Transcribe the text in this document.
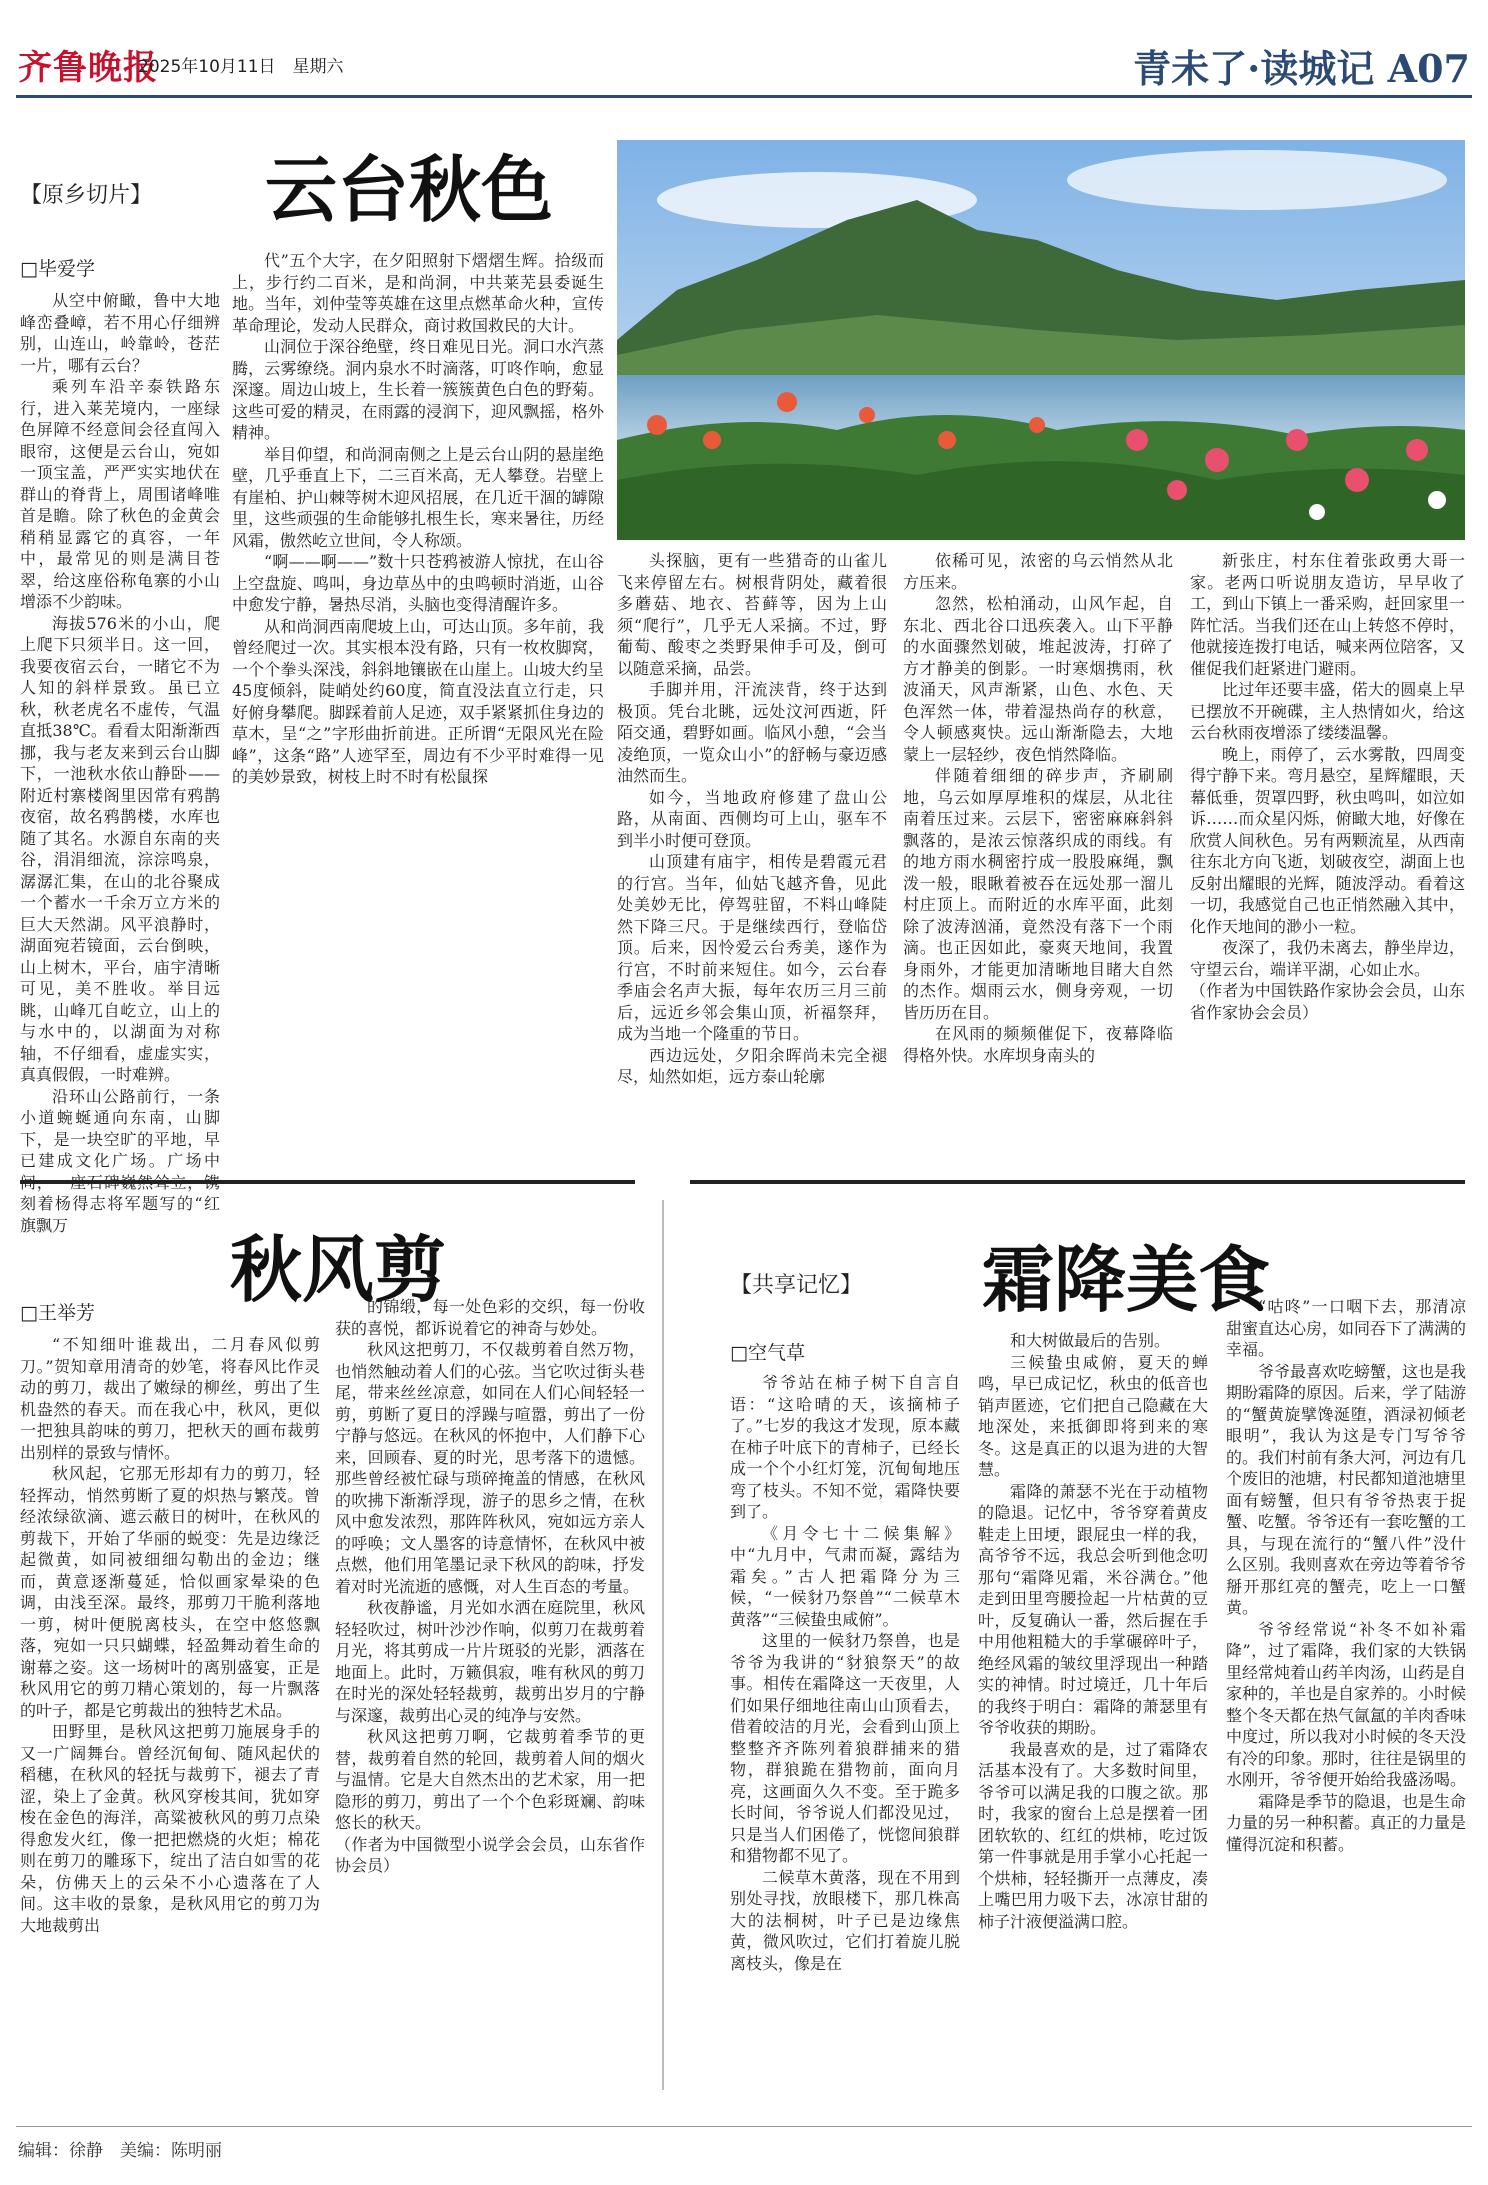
齐鲁晚报
2025年10月11日　星期六	青未了·读城记 A07
【原乡切片】 云台秋色
□毕爱学

从空中俯瞰，鲁中大地峰峦叠嶂，若不用心仔细辨别，山连山，岭靠岭，苍茫一片，哪有云台？

乘列车沿辛泰铁路东行，进入莱芜境内，一座绿色屏障不经意间会径直闯入眼帘，这便是云台山，宛如一顶宝盖，严严实实地伏在群山的脊背上，周围诸峰唯首是瞻。除了秋色的金黄会稍稍显露它的真容，一年中，最常见的则是满目苍翠，给这座俗称龟寨的小山增添不少韵味。

海拔576米的小山，爬上爬下只须半日。这一回，我要夜宿云台，一睹它不为人知的斜样景致。虽已立秋，秋老虎名不虚传，气温直抵38℃。看看太阳渐渐西挪，我与老友来到云台山脚下，一池秋水依山静卧——附近村寨楼阁里因常有鸦鹊夜宿，故名鸦鹊楼，水库也随了其名。水源自东南的夹谷，涓涓细流，淙淙鸣泉，潺潺汇集，在山的北谷聚成一个蓄水一千余万立方米的巨大天然湖。风平浪静时，湖面宛若镜面，云台倒映，山上树木，平台，庙宇清晰可见，美不胜收。举目远眺，山峰兀自屹立，山上的与水中的，以湖面为对称轴，不仔细看，虚虚实实，真真假假，一时难辨。

沿环山公路前行，一条小道蜿蜒通向东南，山脚下，是一块空旷的平地，早已建成文化广场。广场中 刻着杨得志将军题写的“红旗飘万

代”五个大字，在夕阳照射下熠熠生辉。拾级而上，步行约二百米，是和尚洞，中共莱芜县委诞生地。当年，刘仲莹等英雄在这里点燃革命火种，宣传革命理论，发动人民群众，商讨救国救民的大计。

山洞位于深谷绝壁，终日难见日光。洞口水汽蒸腾，云雾缭绕。洞内泉水不时滴落，叮咚作响，愈显深邃。周边山坡上，生长着一簇簇黄色白色的野菊。这些可爱的精灵，在雨露的浸润下，迎风飘摇，格外精神。

举目仰望，和尚洞南侧之上是云台山阴的悬崖绝壁，几乎垂直上下，二三百米高，无人攀登。岩壁上有崖柏、护山棘等树木迎风招展，在几近干涸的罅隙里，这些顽强的生命能够扎根生长，寒来暑往，历经风霜，傲然屹立世间，令人称颂。

“啊——啊——”数十只苍鸦被游人惊扰，在山谷上空盘旋、鸣叫，身边草丛中的虫鸣顿时消逝，山谷中愈发宁静，暑热尽消，头脑也变得清醒许多。

从和尚洞西南爬坡上山，可达山顶。多年前，我曾经爬过一次。其实根本没有路，只有一枚枚脚窝，一个个拳头深浅，斜斜地镶嵌在山崖上。山坡大约呈45度倾斜，陡峭处约60度，简直没法直立行走，只好俯身攀爬。脚踩着前人足迹，双手紧紧抓住身边的草木，呈“之”字形曲折前进。正所谓“无限风光在险峰”，这条“路”人迹罕至，周边有不少平时难得一见的美妙景致，树枝上时不时有松鼠探

头探脑，更有一些猎奇的山雀儿飞来停留左右。树根背阴处，藏着很多蘑菇、地衣、苔藓等，因为上山须“爬行”，几乎无人采摘。不过，野葡萄、酸枣之类野果伸手可及，倒可以随意采摘，品尝。

手脚并用，汗流浃背，终于达到极顶。凭台北眺，远处汶河西逝，阡陌交通，碧野如画。临风小憩，“会当凌绝顶，一览众山小”的舒畅与豪迈感油然而生。

如今，当地政府修建了盘山公路，从南面、西侧均可上山，驱车不到半小时便可登顶。

山顶建有庙宇，相传是碧霞元君的行宫。当年，仙姑飞越齐鲁，见此处美妙无比，停驾驻留，不料山峰陡然下降三尺。于是继续西行，登临岱顶。后来，因怜爱云台秀美，遂作为行宫，不时前来短住。如今，云台春季庙会名声大振，每年农历三月三前后，远近乡邻会集山顶，祈福祭拜，成为当地一个隆重的节日。

西边远处，夕阳余晖尚未完全褪尽，灿然如炬，远方泰山轮廓

依稀可见，浓密的乌云悄然从北方压来。

忽然，松柏涌动，山风乍起，自东北、西北谷口迅疾袭入。山下平静的水面骤然划破，堆起波涛，打碎了方才静美的倒影。一时寒烟携雨，秋波涌天，风声渐紧，山色、水色、天色浑然一体，带着湿热尚存的秋意，令人顿感爽快。远山渐渐隐去，大地蒙上一层轻纱，夜色悄然降临。

伴随着细细的碎步声，齐刷刷地，乌云如厚厚堆积的煤层，从北往南着压过来。云层下，密密麻麻斜斜飘落的，是浓云惊落织成的雨线。有的地方雨水稠密拧成一股股麻绳，飘泼一般，眼瞅着被吞在远处那一溜儿村庄顶上。而附近的水库平面，此刻除了波涛汹涌，竟然没有落下一个雨滴。也正因如此，豪爽天地间，我置身雨外，才能更加清晰地目睹大自然的杰作。烟雨云水，侧身旁观，一切皆历历在目。

在风雨的频频催促下，夜幕降临得格外快。水库坝身南头的

新张庄，村东住着张政勇大哥一家。老两口听说朋友造访，早早收了工，到山下镇上一番采购，赶回家里一阵忙活。当我们还在山上转悠不停时，他就接连拨打电话，喊来两位陪客，又催促我们赶紧进门避雨。

比过年还要丰盛，偌大的圆桌上早已摆放不开碗碟，主人热情如火，给这云台秋雨夜增添了缕缕温馨。

晚上，雨停了，云水雾散，四周变得宁静下来。弯月悬空，星辉耀眼，天幕低垂，贺罩四野，秋虫鸣叫，如泣如诉……而众星闪烁，俯瞰大地，好像在欣赏人间秋色。另有两颗流星，从西南往东北方向飞逝，划破夜空，湖面上也反射出耀眼的光辉，随波浮动。看着这一切，我感觉自己也正悄然融入其中，化作天地间的渺小一粒。

夜深了，我仍未离去，静坐岸边，守望云台，端详平湖，心如止水。

（作者为中国铁路作家协会会员，山东省作家协会会员）

秋风剪
□王举芳

“不知细叶谁裁出，二月春风似剪刀。”贺知章用清奇的妙笔，将春风比作灵动的剪刀，裁出了嫩绿的柳丝，剪出了生机盎然的春天。而在我心中，秋风，更似一把独具韵味的剪刀，把秋天的画布裁剪出别样的景致与情怀。

秋风起，它那无形却有力的剪刀，轻轻挥动，悄然剪断了夏的炽热与繁茂。曾经浓绿欲滴、遮云蔽日的树叶，在秋风的剪裁下，开始了华丽的蜕变：先是边缘泛起微黄，如同被细细勾勒出的金边；继而，黄意逐渐蔓延，恰似画家晕染的色调，由浅至深。最终，那剪刀干脆利落地一剪，树叶便脱离枝头，在空中悠悠飘落，宛如一只只蝴蝶，轻盈舞动着生命的谢幕之姿。这一场树叶的离别盛宴，正是秋风用它的剪刀精心策划的，每一片飘落的叶子，都是它剪裁出的独特艺术品。

田野里，是秋风这把剪刀施展身手的又一广阔舞台。曾经沉甸甸、随风起伏的稻穗，在秋风的轻抚与裁剪下，褪去了青涩，染上了金黄。秋风穿梭其间，犹如穿梭在金色的海洋，高粱被秋风的剪刀点染得愈发火红，像一把把燃烧的火炬；棉花则在剪刀的雕琢下，绽出了洁白如雪的花朵，仿佛天上的云朵不小心遗落在了人间。这丰收的景象，是秋风用它的剪刀为大地裁剪出

的锦缎，每一处色彩的交织，每一份收获的喜悦，都诉说着它的神奇与妙处。

秋风这把剪刀，不仅裁剪着自然万物，也悄然触动着人们的心弦。当它吹过街头巷尾，带来丝丝凉意，如同在人们心间轻轻一剪，剪断了夏日的浮躁与喧嚣，剪出了一份宁静与悠远。在秋风的怀抱中，人们静下心来，回顾春、夏的时光，思考落下的遗憾。那些曾经被忙碌与琐碎掩盖的情感，在秋风的吹拂下渐渐浮现，游子的思乡之情，在秋风中愈发浓烈，那阵阵秋风，宛如远方亲人的呼唤；文人墨客的诗意情怀，在秋风中被点燃，他们用笔墨记录下秋风的韵味，抒发着对时光流逝的感慨，对人生百态的考量。

秋夜静谧，月光如水洒在庭院里，秋风轻轻吹过，树叶沙沙作响，似剪刀在裁剪着月光，将其剪成一片片斑驳的光影，洒落在地面上。此时，万籁俱寂，唯有秋风的剪刀在时光的深处轻轻裁剪，裁剪出岁月的宁静与深邃，裁剪出心灵的纯净与安然。

秋风这把剪刀啊，它裁剪着季节的更替，裁剪着自然的轮回，裁剪着人间的烟火与温情。它是大自然杰出的艺术家，用一把隐形的剪刀，剪出了一个个色彩斑斓、韵味悠长的秋天。

（作者为中国微型小说学会会员，山东省作协会员）

【共享记忆】 霜降美食
□空气草

爷爷站在柿子树下自言自语：“这哈晴的天，该摘柿子了。”七岁的我这才发现，原本藏在柿子叶底下的青柿子，已经长成一个个小红灯笼，沉甸甸地压弯了枝头。不知不觉，霜降快要到了。

《月令七十二候集解》中“九月中，气肃而凝，露结为霜矣。”古人把霜降分为三候，“一候豺乃祭兽”“二候草木黄落”“三候蛰虫咸俯”。

这里的一候豺乃祭兽，也是爷爷为我讲的“豺狼祭天”的故事。相传在霜降这一天夜里，人们如果仔细地往南山山顶看去，借着皎洁的月光，会看到山顶上整整齐齐陈列着狼群捕来的猎物，群狼跪在猎物前，面向月亮，这画面久久不变。至于跪多长时间，爷爷说人们都没见过，只是当人们困倦了，恍惚间狼群和猎物都不见了。

二候草木黄落，现在不用到别处寻找，放眼楼下，那几株高大的法桐树，叶子已是边缘焦黄，微风吹过，它们打着旋儿脱离枝头，像是在

和大树做最后的告别。

三候蛰虫咸俯，夏天的蝉鸣，早已成记忆，秋虫的低音也销声匿迹，它们把自己隐藏在大地深处，来抵御即将到来的寒冬。这是真正的以退为进的大智慧。

霜降的萧瑟不光在于动植物的隐退。记忆中，爷爷穿着黄皮鞋走上田埂，跟屁虫一样的我，高爷爷不远，我总会听到他念叨那句“霜降见霜，米谷满仓。”他走到田里弯腰捡起一片枯黄的豆叶，反复确认一番，然后握在手中用他粗糙大的手掌碾碎叶子，绝经风霜的皱纹里浮现出一种踏实的神情。时过境迁，几十年后的我终于明白：霜降的萧瑟里有爷爷收获的期盼。

我最喜欢的是，过了霜降农活基本没有了。大多数时间里，爷爷可以满足我的口腹之欲。那时，我家的窗台上总是摆着一团团软软的、红红的烘柿，吃过饭第一件事就是用手掌小心托起一个烘柿，轻轻撕开一点薄皮，凑上嘴巴用力吸下去，冰凉甘甜的柿子汁液便溢满口腔。

“咕咚”一口咽下去，那清凉甜蜜直达心房，如同吞下了满满的幸福。

爷爷最喜欢吃螃蟹，这也是我期盼霜降的原因。后来，学了陆游的“蟹黄旋擘馋涎堕，酒渌初倾老眼明”，我认为这是专门写爷爷的。我们村前有条大河，河边有几个废旧的池塘，村民都知道池塘里面有螃蟹，但只有爷爷热衷于捉蟹、吃蟹。爷爷还有一套吃蟹的工具，与现在流行的“蟹八件”没什么区别。我则喜欢在旁边等着爷爷掰开那红亮的蟹壳，吃上一口蟹黄。

爷爷经常说“补冬不如补霜降”，过了霜降，我们家的大铁锅里经常炖着山药羊肉汤，山药是自家种的，羊也是自家养的。小时候整个冬天都在热气氤氲的羊肉香味中度过，所以我对小时候的冬天没有冷的印象。那时，往往是锅里的水刚开，爷爷便开始给我盛汤喝。

霜降是季节的隐退，也是生命力量的另一种积蓄。真正的力量是懂得沉淀和积蓄。

编辑：徐静　美编：陈明丽
